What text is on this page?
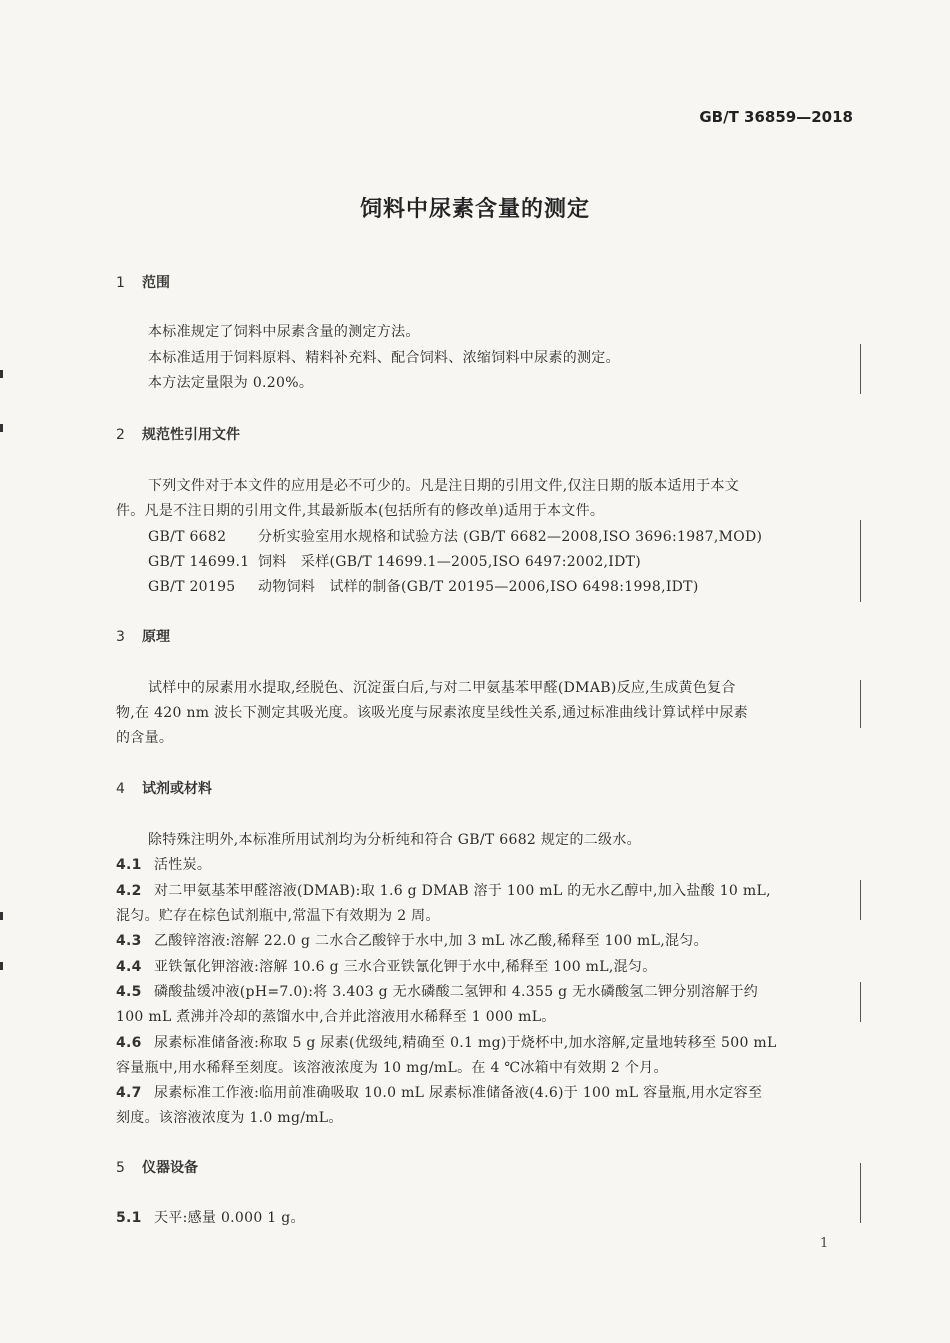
GB/T 36859—2018
饲料中尿素含量的测定
1 范围
本标准规定了饲料中尿素含量的测定方法。
本标准适用于饲料原料、精料补充料、配合饲料、浓缩饲料中尿素的测定。
本方法定量限为 0.20%。
2 规范性引用文件
下列文件对于本文件的应用是必不可少的。凡是注日期的引用文件,仅注日期的版本适用于本文
件。凡是不注日期的引用文件,其最新版本(包括所有的修改单)适用于本文件。
GB/T 6682 分析实验室用水规格和试验方法 (GB/T 6682—2008,ISO 3696:1987,MOD)
GB/T 14699.1 饲料　采样(GB/T 14699.1—2005,ISO 6497:2002,IDT)
GB/T 20195 动物饲料　试样的制备(GB/T 20195—2006,ISO 6498:1998,IDT)
3 原理
试样中的尿素用水提取,经脱色、沉淀蛋白后,与对二甲氨基苯甲醛(DMAB)反应,生成黄色复合
物,在 420 nm 波长下测定其吸光度。该吸光度与尿素浓度呈线性关系,通过标准曲线计算试样中尿素
的含量。
4 试剂或材料
除特殊注明外,本标准所用试剂均为分析纯和符合 GB/T 6682 规定的二级水。
4.1 活性炭。
4.2 对二甲氨基苯甲醛溶液(DMAB):取 1.6 g DMAB 溶于 100 mL 的无水乙醇中,加入盐酸 10 mL,
混匀。贮存在棕色试剂瓶中,常温下有效期为 2 周。
4.3 乙酸锌溶液:溶解 22.0 g 二水合乙酸锌于水中,加 3 mL 冰乙酸,稀释至 100 mL,混匀。
4.4 亚铁氰化钾溶液:溶解 10.6 g 三水合亚铁氰化钾于水中,稀释至 100 mL,混匀。
4.5 磷酸盐缓冲液(pH=7.0):将 3.403 g 无水磷酸二氢钾和 4.355 g 无水磷酸氢二钾分别溶解于约
100 mL 煮沸并冷却的蒸馏水中,合并此溶液用水稀释至 1 000 mL。
4.6 尿素标准储备液:称取 5 g 尿素(优级纯,精确至 0.1 mg)于烧杯中,加水溶解,定量地转移至 500 mL
容量瓶中,用水稀释至刻度。该溶液浓度为 10 mg/mL。在 4 ℃冰箱中有效期 2 个月。
4.7 尿素标准工作液:临用前准确吸取 10.0 mL 尿素标准储备液(4.6)于 100 mL 容量瓶,用水定容至
刻度。该溶液浓度为 1.0 mg/mL。
5 仪器设备
5.1 天平:感量 0.000 1 g。
1
